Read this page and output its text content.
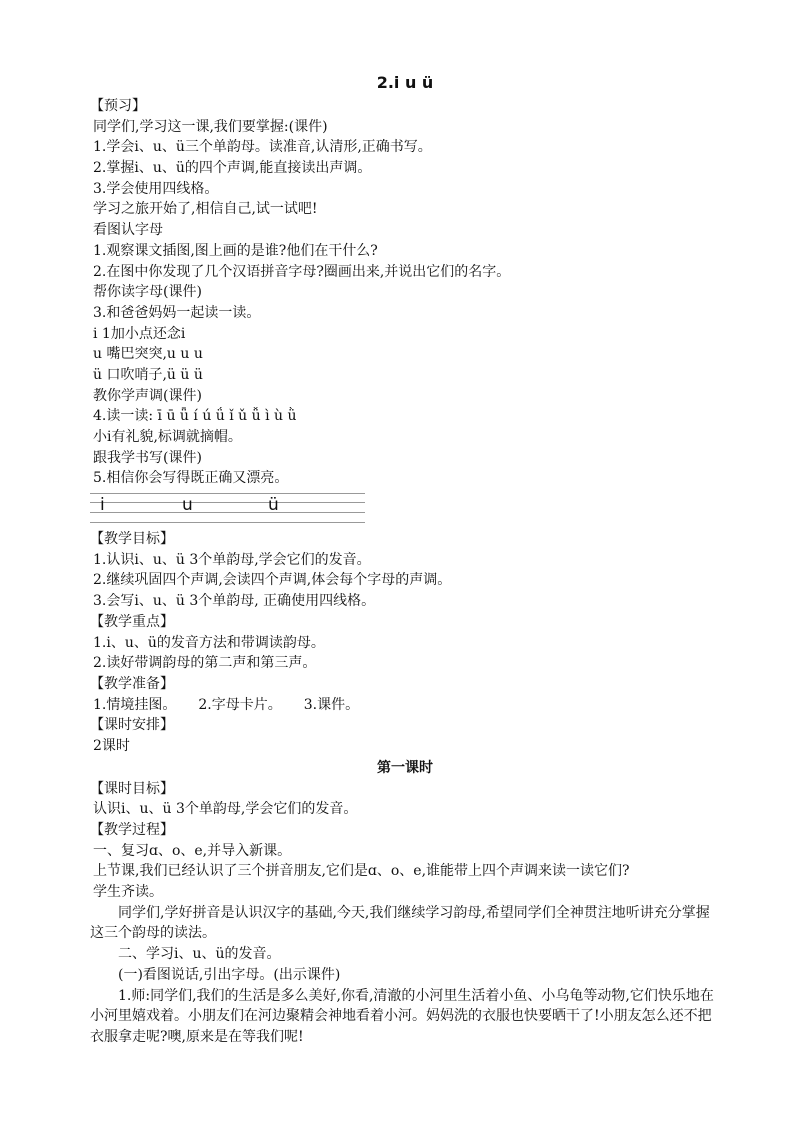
2.i u ü
【预习】
同学们,学习这一课,我们要掌握:(课件)
1.学会i、u、ü三个单韵母。读准音,认清形,正确书写。
2.掌握i、u、ü的四个声调,能直接读出声调。
3.学会使用四线格。
学习之旅开始了,相信自己,试一试吧!
看图认字母
1.观察课文插图,图上画的是谁?他们在干什么?
2.在图中你发现了几个汉语拼音字母?圈画出来,并说出它们的名字。
帮你读字母(课件)
3.和爸爸妈妈一起读一读。
i 1加小点还念i
u 嘴巴突突,u u u
ü 口吹哨子,ü ü ü
教你学声调(课件)
4.读一读: ī ū ǖ í ú ǘ ǐ ǔ ǚ ì ù ǜ
小i有礼貌,标调就摘帽。
跟我学书写(课件)
5.相信你会写得既正确又漂亮。
i	u	ü
【教学目标】
1.认识i、u、ü 3个单韵母,学会它们的发音。
2.继续巩固四个声调,会读四个声调,体会每个字母的声调。
3.会写i、u、ü 3个单韵母, 正确使用四线格。
【教学重点】
1.i、u、ü的发音方法和带调读韵母。
2.读好带调韵母的第二声和第三声。
【教学准备】
1.情境挂图。 2.字母卡片。 3.课件。
【课时安排】
2课时
第一课时
【课时目标】
认识i、u、ü 3个单韵母,学会它们的发音。
【教学过程】
一、复习ɑ、o、e,并导入新课。
上节课,我们已经认识了三个拼音朋友,它们是ɑ、o、e,谁能带上四个声调来读一读它们?
学生齐读。
同学们,学好拼音是认识汉字的基础,今天,我们继续学习韵母,希望同学们全神贯注地听讲充分掌握这三个韵母的读法。
二、学习i、u、ü的发音。
(一)看图说话,引出字母。(出示课件)
1.师:同学们,我们的生活是多么美好,你看,清澈的小河里生活着小鱼、小乌龟等动物,它们快乐地在小河里嬉戏着。小朋友们在河边聚精会神地看着小河。妈妈洗的衣服也快要晒干了!小朋友怎么还不把衣服拿走呢?噢,原来是在等我们呢!
